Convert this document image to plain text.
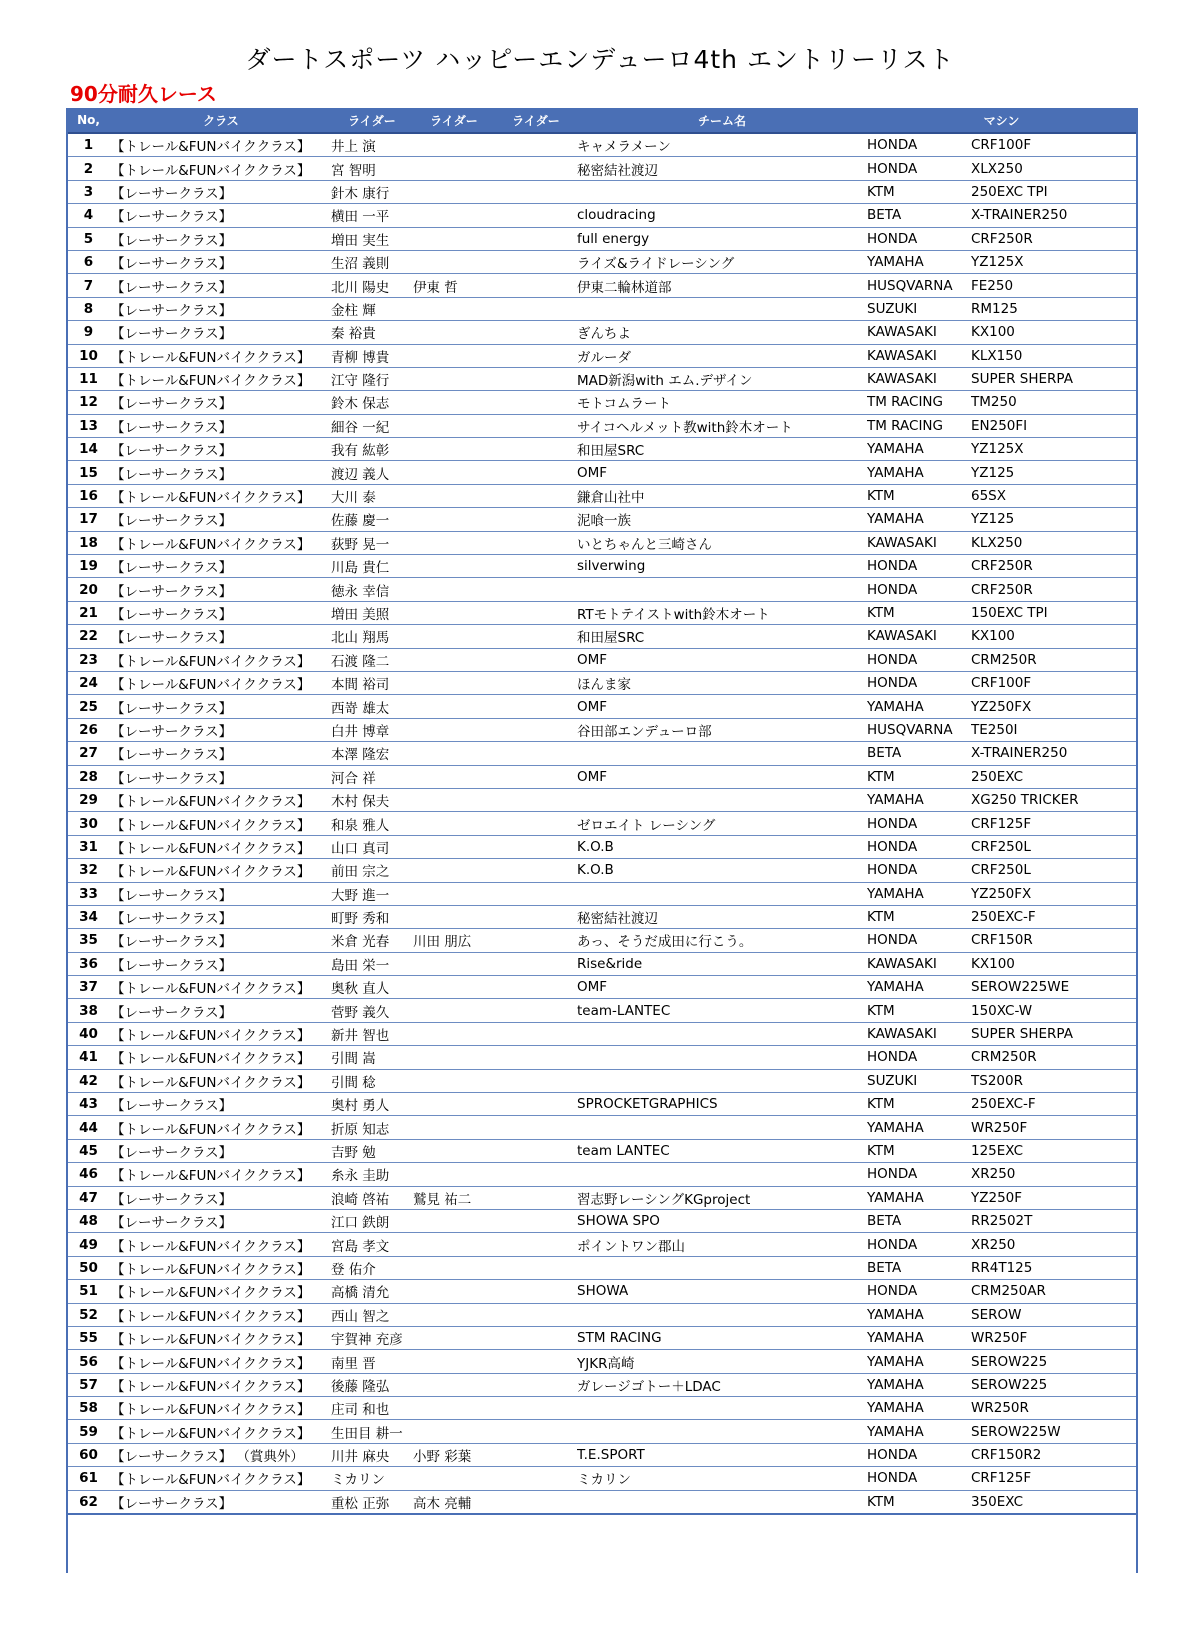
ダートスポーツ ハッピーエンデューロ4th エントリーリスト
90分耐久レース
No,	クラス	ライダー	ライダー	ライダー	チーム名	マシン	
1	【トレール&FUNバイククラス】	井上 演			キャメラメーン	HONDA	CRF100F
2	【トレール&FUNバイククラス】	宮 智明			秘密結社渡辺	HONDA	XLX250
3	【レーサークラス】	針木 康行				KTM	250EXC TPI
4	【レーサークラス】	横田 一平			cloudracing	BETA	X-TRAINER250
5	【レーサークラス】	増田 実生			full energy	HONDA	CRF250R
6	【レーサークラス】	生沼 義則			ライズ&ライドレーシング	YAMAHA	YZ125X
7	【レーサークラス】	北川 陽史	伊東 哲		伊東二輪林道部	HUSQVARNA	FE250
8	【レーサークラス】	金柱 輝				SUZUKI	RM125
9	【レーサークラス】	秦 裕貴			ぎんちよ	KAWASAKI	KX100
10	【トレール&FUNバイククラス】	青柳 博貴			ガルーダ	KAWASAKI	KLX150
11	【トレール&FUNバイククラス】	江守 隆行			MAD新潟with エム.デザイン	KAWASAKI	SUPER SHERPA
12	【レーサークラス】	鈴木 保志			モトコムラート	TM RACING	TM250
13	【レーサークラス】	細谷 一紀			サイコヘルメット教with鈴木オート	TM RACING	EN250FI
14	【レーサークラス】	我有 紘彰			和田屋SRC	YAMAHA	YZ125X
15	【レーサークラス】	渡辺 義人			OMF	YAMAHA	YZ125
16	【トレール&FUNバイククラス】	大川 泰			鎌倉山社中	KTM	65SX
17	【レーサークラス】	佐藤 慶一			泥喰一族	YAMAHA	YZ125
18	【トレール&FUNバイククラス】	荻野 晃一			いとちゃんと三崎さん	KAWASAKI	KLX250
19	【レーサークラス】	川島 貴仁			silverwing	HONDA	CRF250R
20	【レーサークラス】	徳永 幸信				HONDA	CRF250R
21	【レーサークラス】	増田 美照			RTモトテイストwith鈴木オート	KTM	150EXC TPI
22	【レーサークラス】	北山 翔馬			和田屋SRC	KAWASAKI	KX100
23	【トレール&FUNバイククラス】	石渡 隆二			OMF	HONDA	CRM250R
24	【トレール&FUNバイククラス】	本間 裕司			ほんま家	HONDA	CRF100F
25	【レーサークラス】	西嵜 雄太			OMF	YAMAHA	YZ250FX
26	【レーサークラス】	白井 博章			谷田部エンデューロ部	HUSQVARNA	TE250I
27	【レーサークラス】	本澤 隆宏				BETA	X-TRAINER250
28	【レーサークラス】	河合 祥			OMF	KTM	250EXC
29	【トレール&FUNバイククラス】	木村 保夫				YAMAHA	XG250 TRICKER
30	【トレール&FUNバイククラス】	和泉 雅人			ゼロエイト レーシング	HONDA	CRF125F
31	【トレール&FUNバイククラス】	山口 真司			K.O.B	HONDA	CRF250L
32	【トレール&FUNバイククラス】	前田 宗之			K.O.B	HONDA	CRF250L
33	【レーサークラス】	大野 進一				YAMAHA	YZ250FX
34	【レーサークラス】	町野 秀和			秘密結社渡辺	KTM	250EXC-F
35	【レーサークラス】	米倉 光春	川田 朋広		あっ、そうだ成田に行こう。	HONDA	CRF150R
36	【レーサークラス】	島田 栄一			Rise&ride	KAWASAKI	KX100
37	【トレール&FUNバイククラス】	奥秋 直人			OMF	YAMAHA	SEROW225WE
38	【レーサークラス】	菅野 義久			team-LANTEC	KTM	150XC-W
40	【トレール&FUNバイククラス】	新井 智也				KAWASAKI	SUPER SHERPA
41	【トレール&FUNバイククラス】	引間 嵩				HONDA	CRM250R
42	【トレール&FUNバイククラス】	引間 稔				SUZUKI	TS200R
43	【レーサークラス】	奥村 勇人			SPROCKETGRAPHICS	KTM	250EXC-F
44	【トレール&FUNバイククラス】	折原 知志				YAMAHA	WR250F
45	【レーサークラス】	吉野 勉			team LANTEC	KTM	125EXC
46	【トレール&FUNバイククラス】	糸永 圭助				HONDA	XR250
47	【レーサークラス】	浪崎 啓祐	鷲見 祐二		習志野レーシングKGproject	YAMAHA	YZ250F
48	【レーサークラス】	江口 鉄朗			SHOWA SPO	BETA	RR2502T
49	【トレール&FUNバイククラス】	宮島 孝文			ポイントワン郡山	HONDA	XR250
50	【トレール&FUNバイククラス】	登 佑介				BETA	RR4T125
51	【トレール&FUNバイククラス】	高橋 清允			SHOWA	HONDA	CRM250AR
52	【トレール&FUNバイククラス】	西山 智之				YAMAHA	SEROW
55	【トレール&FUNバイククラス】	宇賀神 充彦			STM RACING	YAMAHA	WR250F
56	【トレール&FUNバイククラス】	南里 晋			YJKR高崎	YAMAHA	SEROW225
57	【トレール&FUNバイククラス】	後藤 隆弘			ガレージゴトー＋LDAC	YAMAHA	SEROW225
58	【トレール&FUNバイククラス】	庄司 和也				YAMAHA	WR250R
59	【トレール&FUNバイククラス】	生田目 耕一				YAMAHA	SEROW225W
60	【レーサークラス】 （賞典外）	川井 麻央	小野 彩葉		T.E.SPORT	HONDA	CRF150R2
61	【トレール&FUNバイククラス】	ミカリン			ミカリン	HONDA	CRF125F
62	【レーサークラス】	重松 正弥	高木 亮輔			KTM	350EXC
